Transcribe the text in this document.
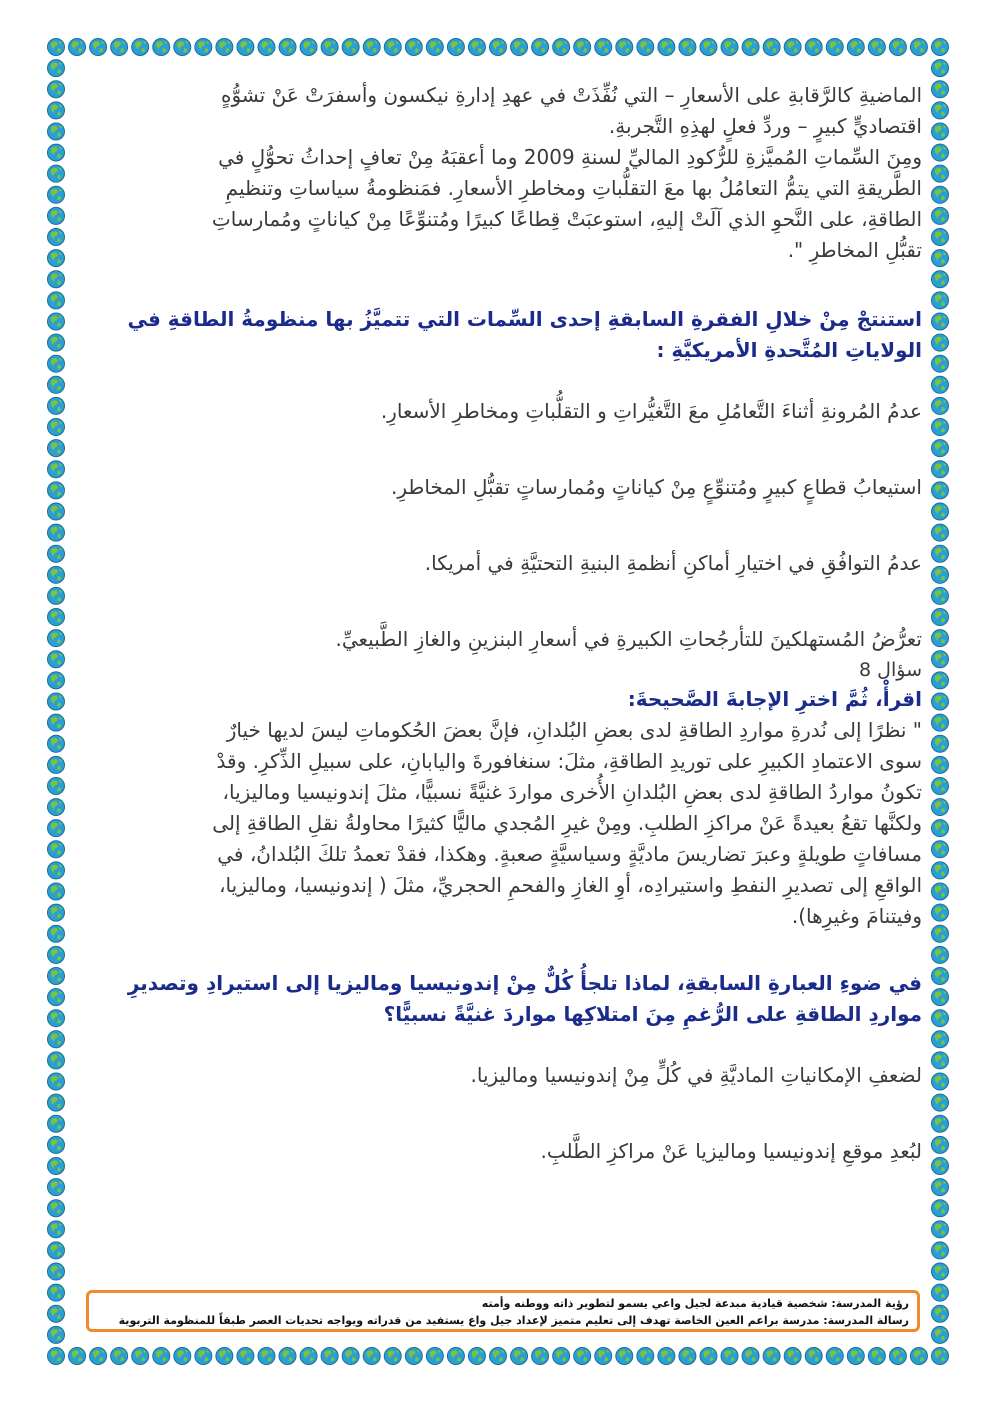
الماضيةِ كالرَّقابةِ على الأسعارِ – التي نُفِّذَتْ في عهدِ إدارةِ نيكسون وأسفرَتْ عَنْ تشوُّهٍ

اقتصاديٍّ كبيرٍ – وردِّ فعلٍ لهذِهِ التَّجربةِ.

ومِنَ السِّماتِ المُميَّزةِ للرُّكودِ الماليِّ لسنةِ 2009 وما أعقبَهُ مِنْ تعافٍ إحداثُ تحوُّلٍ في

الطَّريقةِ التي يتمُّ التعامُلُ بها معَ التقلُّباتِ ومخاطرِ الأسعارِ. فمَنظومةُ سياساتِ وتنظيمِ

الطاقةِ، على النَّحوِ الذي آلَتْ إليهِ، استوعبَتْ قِطاعًا كبيرًا ومُتنوِّعًا مِنْ كياناتٍ ومُمارساتِ

تقبُّلِ المخاطرِ ".

استنتجْ مِنْ خلالِ الفقرةِ السابقةِ إحدى السِّمات التي تتميَّزُ بها منظومةُ الطاقةِ في

الولاياتِ المُتَّحدةِ الأمريكيَّةِ :

عدمُ المُرونةِ أثناءَ التَّعامُلِ معَ التَّغيُّراتِ و التقلُّباتِ ومخاطرِ الأسعارِ.

استيعابُ قطاعٍ كبيرٍ ومُتنوِّعٍ مِنْ كياناتٍ ومُمارساتٍ تقبُّلِ المخاطرِ.

عدمُ التوافُقِ في اختيارِ أماكنِ أنظمةِ البنيةِ التحتيَّةِ في أمريكا.

تعرُّضُ المُستهلكينَ للتأرجُحاتِ الكبيرةِ في أسعارِ البنزينِ والغازِ الطَّبيعيِّ.

سؤال 8

اقرأْ، ثُمَّ اخترِ الإجابةَ الصَّحيحةَ:

" نظرًا إلى نُدرةِ مواردِ الطاقةِ لدى بعضِ البُلدانِ، فإنَّ بعضَ الحُكوماتِ ليسَ لديها خيارٌ

سوى الاعتمادِ الكبيرِ على توريدِ الطاقةِ، مثلَ: سنغافورةَ واليابانِ، على سبيلِ الذِّكرِ. وقدْ

تكونُ مواردُ الطاقةِ لدى بعضِ البُلدانِ الأُخرى مواردَ غنيَّةً نسبيًّا، مثلَ إندونيسيا وماليزيا،

ولكنَّها تقعُ بعيدةً عَنْ مراكزِ الطلبِ. ومِنْ غيرِ المُجدي ماليًّا كثيرًا محاولةُ نقلِ الطاقةِ إلى

مسافاتٍ طويلةٍ وعبرَ تضاريسَ ماديَّةٍ وسياسيَّةٍ صعبةٍ. وهكذا، فقدْ تعمدُ تلكَ البُلدانُ، في

الواقعِ إلى تصديرِ النفطِ واستيرادِه، أوِ الغازِ والفحمِ الحجريِّ، مثلَ ( إندونيسيا، وماليزيا،

وفيتنامَ وغيرِها).

في ضوءِ العبارةِ السابقةِ، لماذا تلجأُ كُلٌّ مِنْ إندونيسيا وماليزيا إلى استيرادِ وتصديرِ

مواردِ الطاقةِ على الرُّغمِ مِنَ امتلاكِها مواردَ غنيَّةً نسبيًّا؟

لضعفِ الإمكانياتِ الماديَّةِ في كُلٍّ مِنْ إندونيسيا وماليزيا.

لبُعدِ موقعِ إندونيسيا وماليزيا عَنْ مراكزِ الطَّلبِ.

رؤية المدرسة: شخصية قيادية مبدعة لجيل واعي يسمو لتطوير ذاته ووطنه وأمته

رسالة المدرسة: مدرسة براعم العين الخاصة تهدف إلى تعليم متميز لإعداد جيل واع يستفيد من قدراته ويواجه تحديات العصر طبقاً للمنظومة التربوية
